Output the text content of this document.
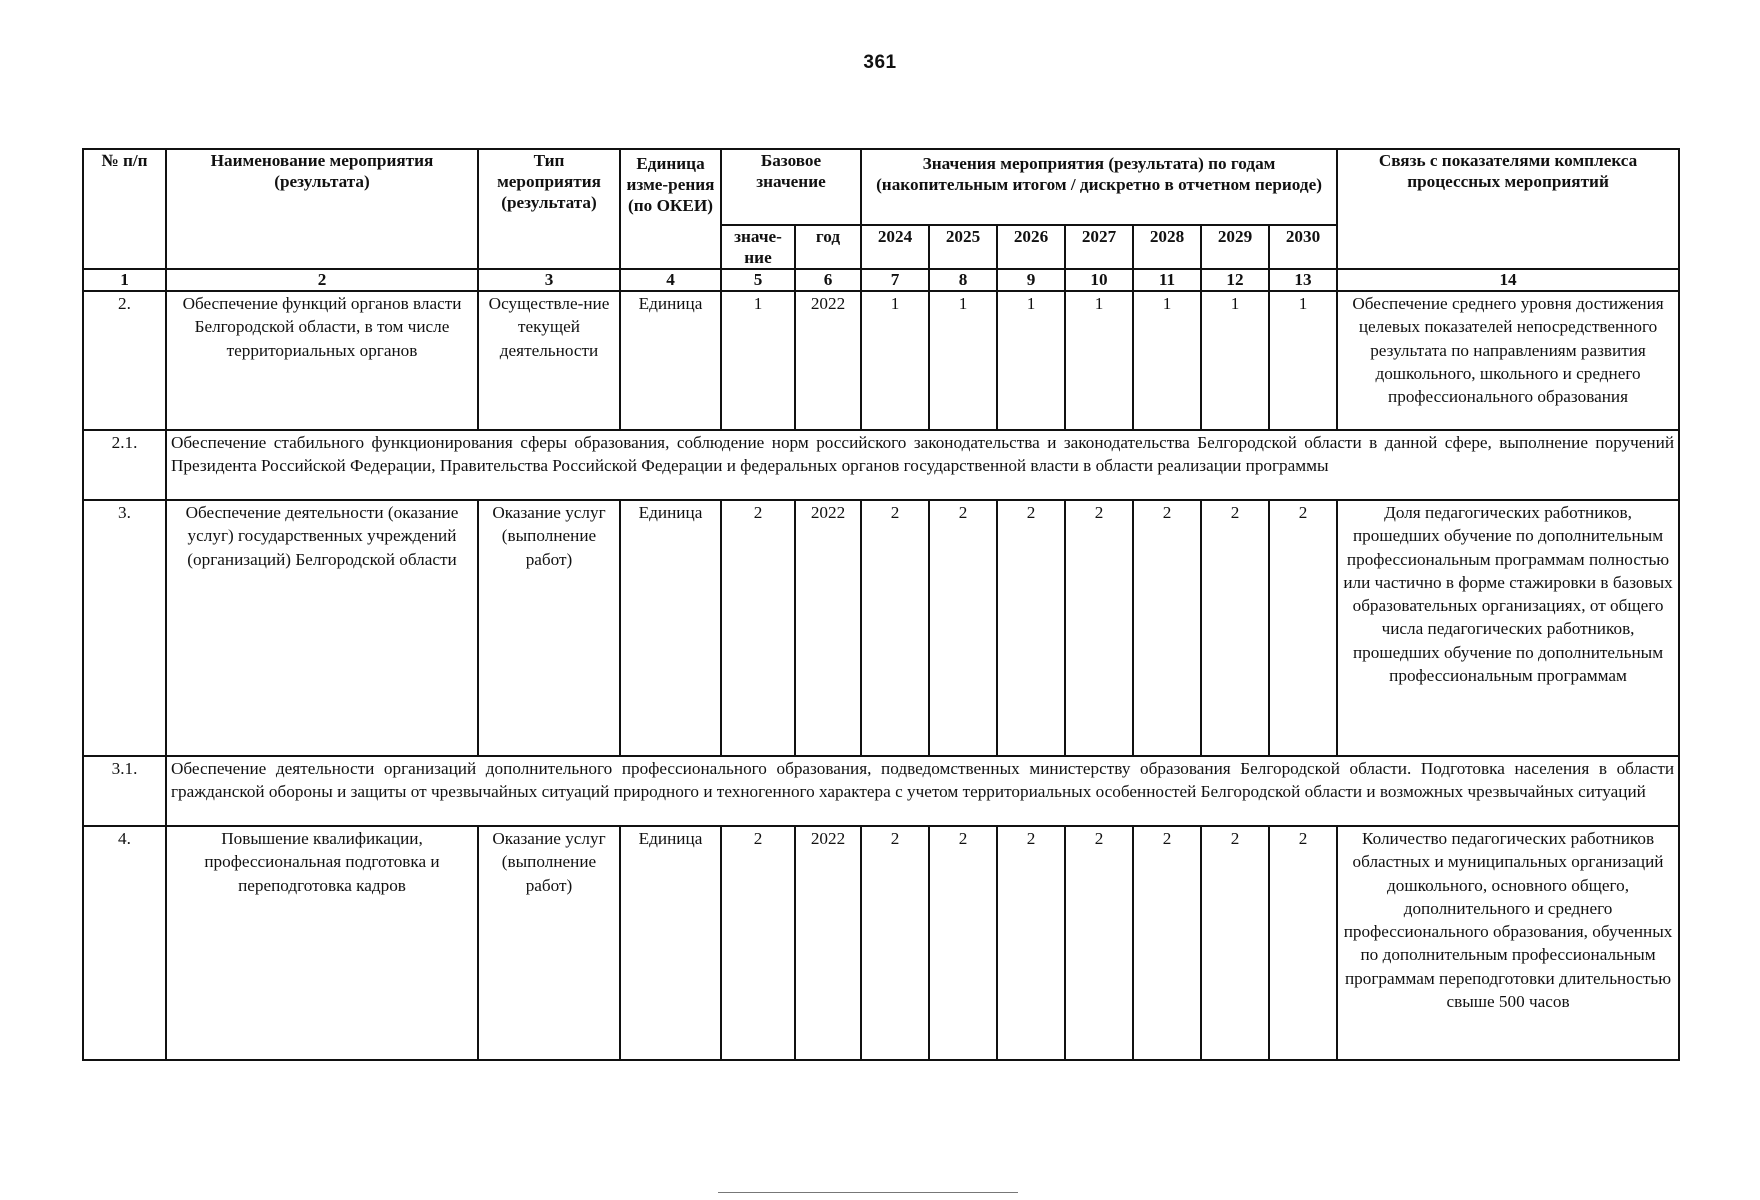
361
№ п/п	Наименование мероприятия (результата)	Тип мероприятия (результата)	Единица изме-рения (по ОКЕИ)	Базовое значение		Значения мероприятия (результата) по годам (накопительным итогом / дискретно в отчетном периоде)							Связь с показателями комплекса процессных мероприятий
				значе-ние	год	2024	2025	2026	2027	2028	2029	2030	
1	2	3	4	5	6	7	8	9	10	11	12	13	14
2.	Обеспечение функций органов власти Белгородской области, в том числе территориальных органов	Осуществле-ние текущей деятельности	Единица	1	2022	1	1	1	1	1	1	1	Обеспечение среднего уровня достижения целевых показателей непосредственного результата по направлениям развития дошкольного, школьного и среднего профессионального образования
2.1.	Обеспечение стабильного функционирования сферы образования, соблюдение норм российского законодательства и законодательства Белгородской области в данной сфере, выполнение поручений Президента Российской Федерации, Правительства Российской Федерации и федеральных органов государственной власти в области реализации программы												
3.	Обеспечение деятельности (оказание услуг) государственных учреждений (организаций) Белгородской области	Оказание услуг (выполнение работ)	Единица	2	2022	2	2	2	2	2	2	2	Доля педагогических работников, прошедших обучение по дополнительным профессиональным программам полностью или частично в форме стажировки в базовых образовательных организациях, от общего числа педагогических работников, прошедших обучение по дополнительным профессиональным программам
3.1.	Обеспечение деятельности организаций дополнительного профессионального образования, подведомственных министерству образования Белгородской области. Подготовка населения в области гражданской обороны и защиты от чрезвычайных ситуаций природного и техногенного характера с учетом территориальных особенностей Белгородской области и возможных чрезвычайных ситуаций												
4.	Повышение квалификации, профессиональная подготовка и переподготовка кадров	Оказание услуг (выполнение работ)	Единица	2	2022	2	2	2	2	2	2	2	Количество педагогических работников областных и муниципальных организаций дошкольного, основного общего, дополнительного и среднего профессионального образования, обученных по дополнительным профессиональным программам переподготовки длительностью свыше 500 часов
